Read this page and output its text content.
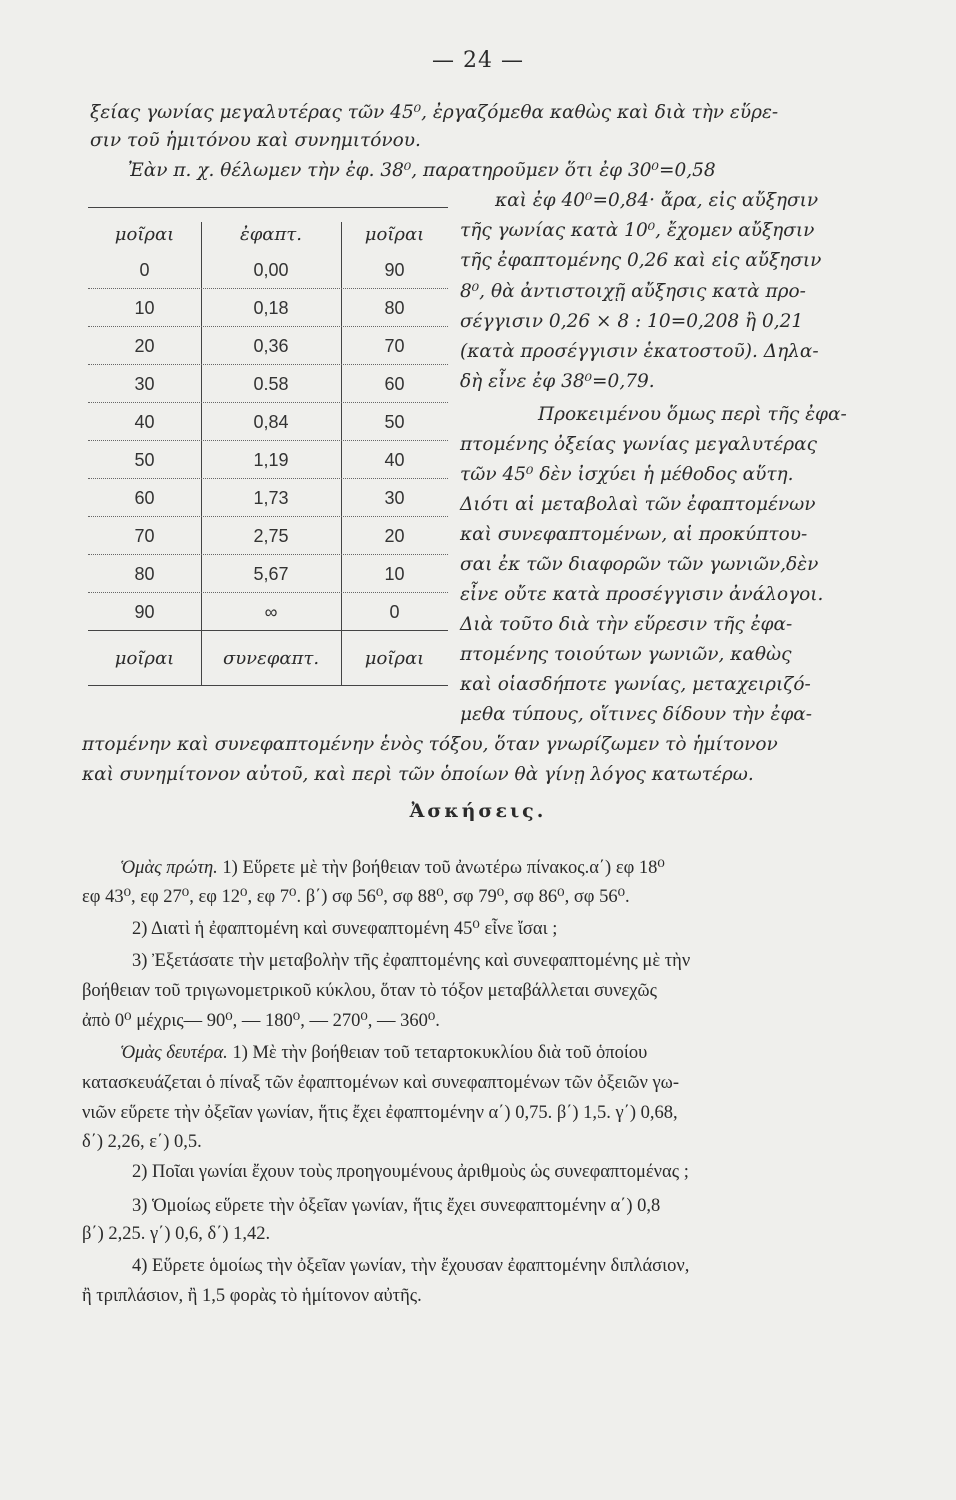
— 24 —
ξείας γωνίας μεγαλυτέρας τῶν 45⁰, ἐργαζόμεθα καθὼς καὶ διὰ τὴν εὕρε-
σιν τοῦ ἡμιτόνου καὶ συνημιτόνου.
Ἐὰν π. χ. θέλωμεν τὴν ἐφ. 38⁰, παρατηροῦμεν ὅτι ἐφ 30⁰=0,58
καὶ ἐφ 40⁰=0,84· ἄρα, εἰς αὔξησιν
τῆς γωνίας κατὰ 10⁰, ἔχομεν αὔξησιν
τῆς ἐφαπτομένης 0,26 καὶ εἰς αὔξησιν
8⁰, θὰ ἀντιστοιχῇ αὔξησις κατὰ προ-
σέγγισιν 0,26 × 8 : 10=0,208 ἢ 0,21
(κατὰ προσέγγισιν ἑκατοστοῦ). Δηλα-
δὴ εἶνε ἐφ 38⁰=0,79.
Προκειμένου ὅμως περὶ τῆς ἐφα-
πτομένης ὀξείας γωνίας μεγαλυτέρας
τῶν 45⁰ δὲν ἰσχύει ἡ μέθοδος αὕτη.
Διότι αἱ μεταβολαὶ τῶν ἐφαπτομένων
καὶ συνεφαπτομένων, αἱ προκύπτου-
σαι ἐκ τῶν διαφορῶν τῶν γωνιῶν,δὲν
εἶνε οὔτε κατὰ προσέγγισιν ἀνάλογοι.
Διὰ τοῦτο διὰ τὴν εὕρεσιν τῆς ἐφα-
πτομένης τοιούτων γωνιῶν, καθὼς
καὶ οἱασδήποτε γωνίας, μεταχειριζό-
μεθα τύπους, οἵτινες δίδουν τὴν ἐφα-
πτομένην καὶ συνεφαπτομένην ἑνὸς τόξου, ὅταν γνωρίζωμεν τὸ ἡμίτονον
καὶ συνημίτονον αὐτοῦ, καὶ περὶ τῶν ὁποίων θὰ γίνῃ λόγος κατωτέρω.
μοῖραι	ἐφαπτ.	μοῖραι
0	0,00	90
10	0,18	80
20	0,36	70
30	0.58	60
40	0,84	50
50	1,19	40
60	1,73	30
70	2,75	20
80	5,67	10
90	∞	0
μοῖραι	συνεφαπτ.	μοῖραι
Ἀσκήσεις.
Ὁμὰς πρώτη. 1) Εὕρετε μὲ τὴν βοήθειαν τοῦ ἀνωτέρω πίνακος.α΄) εφ 18⁰
εφ 43⁰, εφ 27⁰, εφ 12⁰, εφ 7⁰. β΄) σφ 56⁰, σφ 88⁰, σφ 79⁰, σφ 86⁰, σφ 56⁰.
2) Διατὶ ἡ ἐφαπτομένη καὶ συνεφαπτομένη 45⁰ εἶνε ἴσαι ;
3) Ἐξετάσατε τὴν μεταβολὴν τῆς ἐφαπτομένης καὶ συνεφαπτομένης μὲ τὴν
βοήθειαν τοῦ τριγωνομετρικοῦ κύκλου, ὅταν τὸ τόξον μεταβάλλεται συνεχῶς
ἀπὸ 0⁰ μέχρις— 90⁰, — 180⁰, — 270⁰, — 360⁰.
Ὁμὰς δευτέρα. 1) Μὲ τὴν βοήθειαν τοῦ τεταρτοκυκλίου διὰ τοῦ ὁποίου
κατασκευάζεται ὁ πίναξ τῶν ἐφαπτομένων καὶ συνεφαπτομένων τῶν ὀξειῶν γω-
νιῶν εὕρετε τὴν ὀξεῖαν γωνίαν, ἥτις ἔχει ἐφαπτομένην α΄) 0,75. β΄) 1,5. γ΄) 0,68,
δ΄) 2,26, ε΄) 0,5.
2) Ποῖαι γωνίαι ἔχουν τοὺς προηγουμένους ἀριθμοὺς ὡς συνεφαπτομένας ;
3) Ὁμοίως εὕρετε τὴν ὀξεῖαν γωνίαν, ἥτις ἔχει συνεφαπτομένην α΄) 0,8
β΄) 2,25. γ΄) 0,6, δ΄) 1,42.
4) Εὕρετε ὁμοίως τὴν ὀξεῖαν γωνίαν, τὴν ἔχουσαν ἐφαπτομένην διπλάσιον,
ἢ τριπλάσιον, ἢ 1,5 φορὰς τὸ ἡμίτονον αὐτῆς.
